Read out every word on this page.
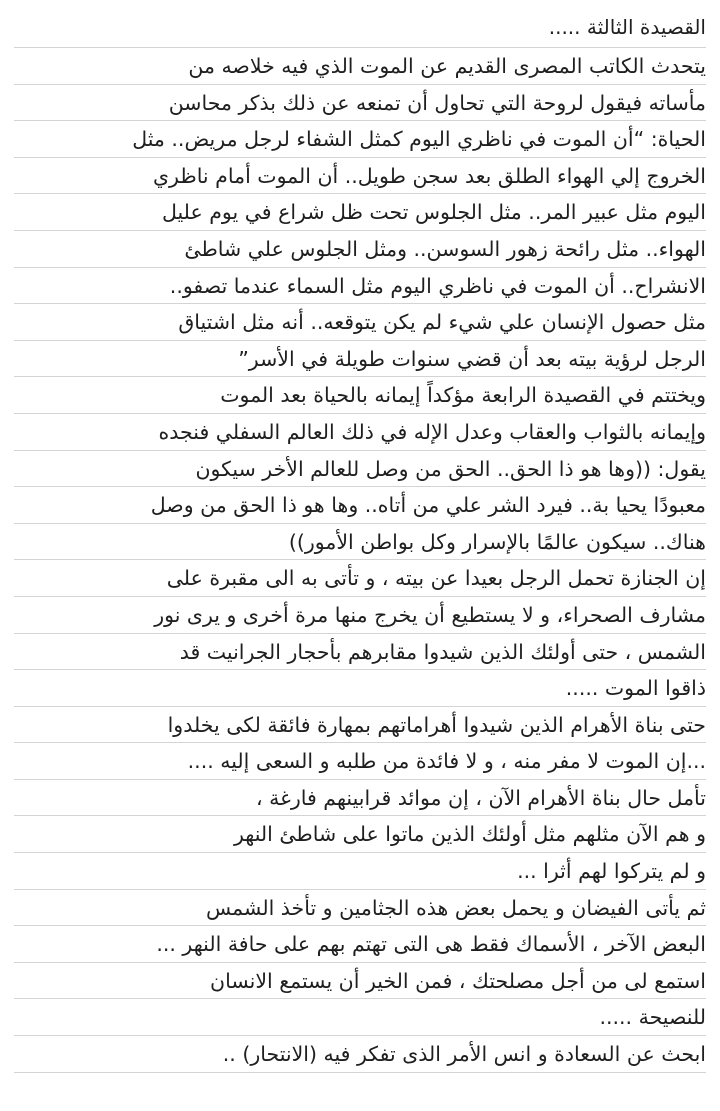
القصيدة الثالثة .....

يتحدث الكاتب المصرى القديم عن الموت الذي فيه خلاصه من

مأساته فيقول لروحة التي تحاول أن تمنعه عن ذلك بذكر محاسن

الحياة: “أن الموت في ناظري اليوم كمثل الشفاء لرجل مريض.. مثل

الخروج إلي الهواء الطلق بعد سجن طويل.. أن الموت أمام ناظري

اليوم مثل عبير المر.. مثل الجلوس تحت ظل شراع في يوم عليل

الهواء.. مثل رائحة زهور السوسن.. ومثل الجلوس علي شاطئ

الانشراح.. أن الموت في ناظري اليوم مثل السماء عندما تصفو..

مثل حصول الإنسان علي شيء لم يكن يتوقعه.. أنه مثل اشتياق

الرجل لرؤية بيته بعد أن قضي سنوات طويلة في الأسر”

ويختتم في القصيدة الرابعة مؤكداً إيمانه بالحياة بعد الموت

وإيمانه بالثواب والعقاب وعدل الإله في ذلك العالم السفلي فنجده

يقول: ((وها هو ذا الحق.. الحق من وصل للعالم الأخر سيكون

معبودًا يحيا بة.. فيرد الشر علي من أتاه.. وها هو ذا الحق من وصل

هناك.. سيكون عالمًا بالإسرار وكل بواطن الأمور))

إن الجنازة تحمل الرجل بعيدا عن بيته ، و تأتى به الى مقبرة على

مشارف الصحراء، و لا يستطيع أن يخرج منها مرة أخرى و يرى نور

الشمس ، حتى أولئك الذين شيدوا مقابرهم بأحجار الجرانيت قد

ذاقوا الموت .....

حتى بناة الأهرام الذين شيدوا أهراماتهم بمهارة فائقة لكى يخلدوا

...إن الموت لا مفر منه ، و لا فائدة من طلبه و السعى إليه ....

تأمل حال بناة الأهرام الآن ، إن موائد قرابينهم فارغة ،

و هم الآن مثلهم مثل أولئك الذين ماتوا على شاطئ النهر

و لم يتركوا لهم أثرا ...

ثم يأتى الفيضان و يحمل بعض هذه الجثامين و تأخذ الشمس

البعض الآخر ، الأسماك فقط هى التى تهتم بهم على حافة النهر ...

استمع لى من أجل مصلحتك ، فمن الخير أن يستمع الانسان

للنصيحة .....

ابحث عن السعادة و انس الأمر الذى تفكر فيه (الانتحار) ..
